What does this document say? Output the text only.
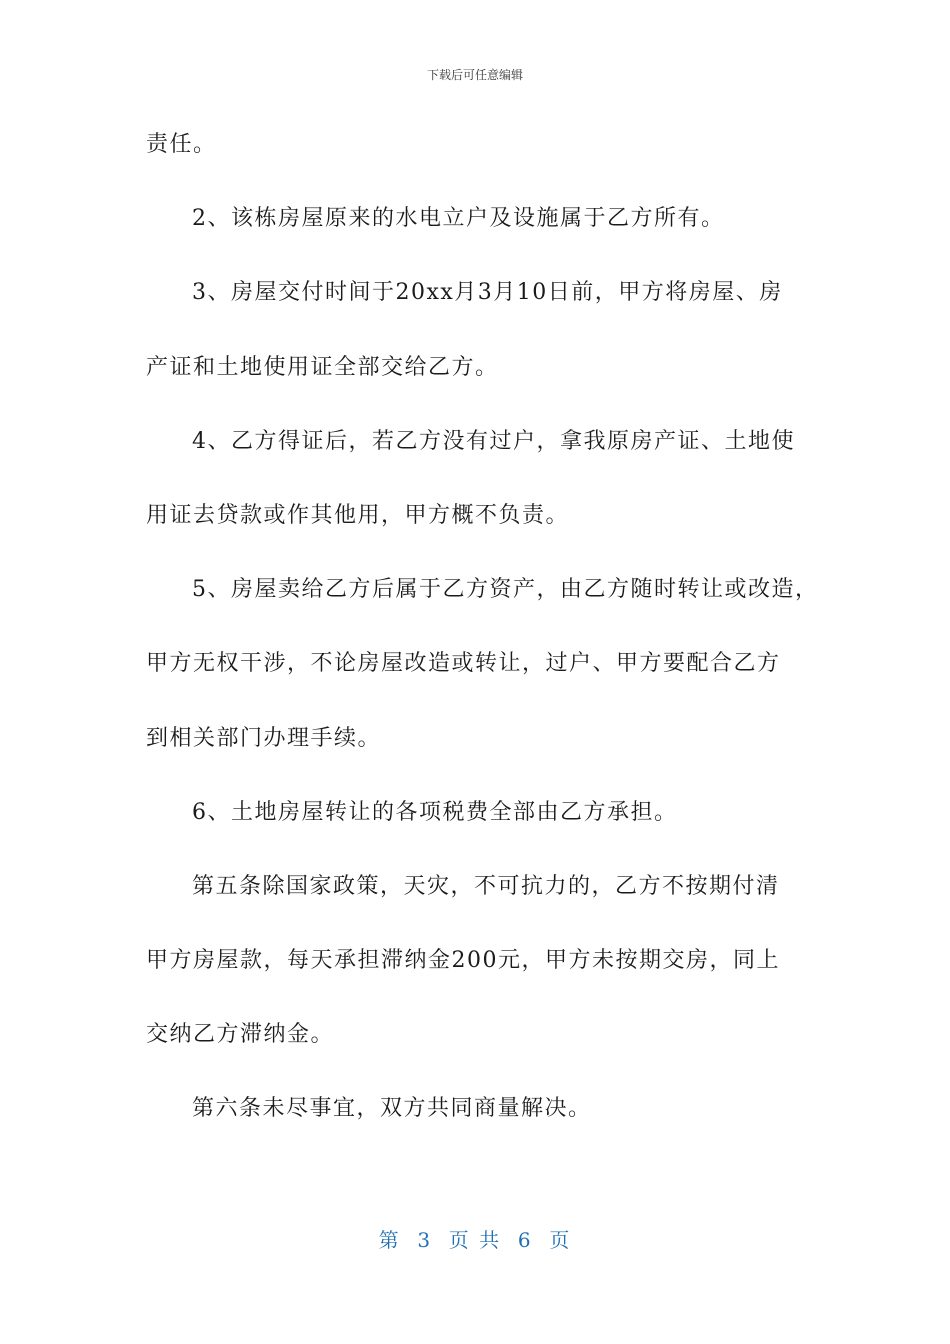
下载后可任意编辑
责任。
2、该栋房屋原来的水电立户及设施属于乙方所有。
3、房屋交付时间于20xx月3月10日前，甲方将房屋、房
产证和土地使用证全部交给乙方。
4、乙方得证后，若乙方没有过户，拿我原房产证、土地使
用证去贷款或作其他用，甲方概不负责。
5、房屋卖给乙方后属于乙方资产，由乙方随时转让或改造，
甲方无权干涉，不论房屋改造或转让，过户、甲方要配合乙方
到相关部门办理手续。
6、土地房屋转让的各项税费全部由乙方承担。
第五条除国家政策，天灾，不可抗力的，乙方不按期付清
甲方房屋款，每天承担滞纳金200元，甲方未按期交房，同上
交纳乙方滞纳金。
第六条未尽事宜，双方共同商量解决。
第  3  页 共  6  页
